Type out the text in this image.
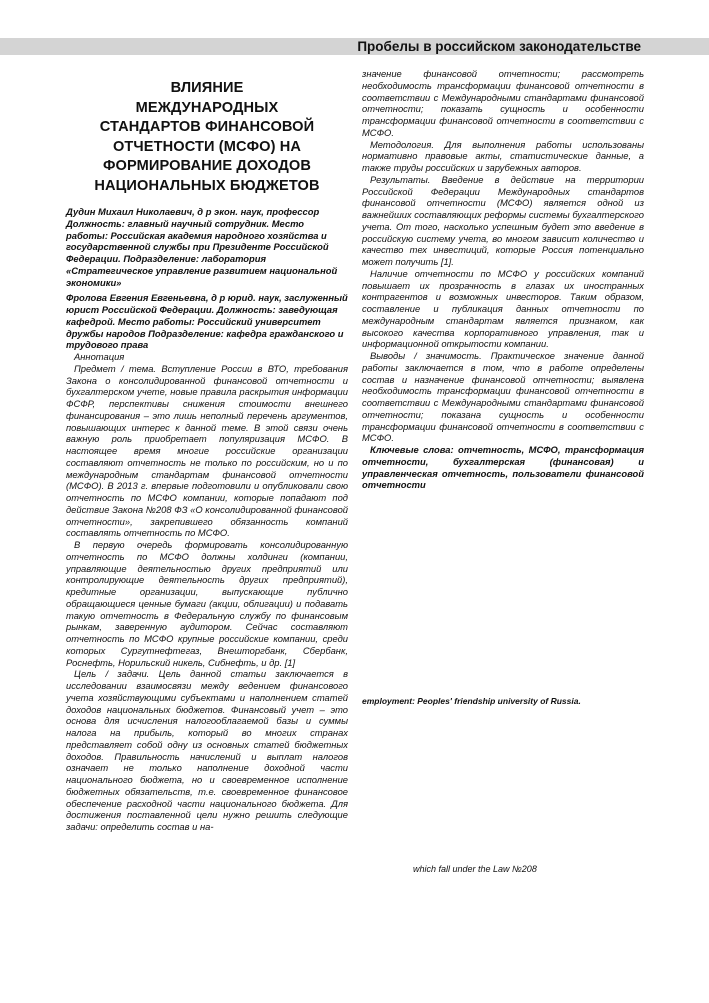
Пробелы в российском законодательстве
ВЛИЯНИЕ
МЕЖДУНАРОДНЫХ
СТАНДАРТОВ ФИНАНСОВОЙ
ОТЧЕТНОСТИ (МСФО) НА
ФОРМИРОВАНИЕ ДОХОДОВ
НАЦИОНАЛЬНЫХ БЮДЖЕТОВ

Дудин Михаил Николаевич, д р экон. наук, профессор Должность: главный научный сотрудник. Место работы: Российская академия народного хозяйства и государственной службы при Президенте Российской Федерации. Подразделение: лаборатория «Стратегическое управление развитием национальной экономики»

Фролова Евгения Евгеньевна, д р юрид. наук, заслуженный юрист Российской Федерации. Должность: заведующая кафедрой. Место работы: Российский университет дружбы народов Подразделение: кафедра гражданского и трудового права

Аннотация

Предмет / тема. Вступление России в ВТО, требования Закона о консолидированной финансовой отчетности и бухгалтерском учете, новые правила раскрытия информации ФСФР, перспективы снижения стоимости внешнего финансирования – это лишь неполный перечень аргументов, повышающих интерес к данной теме. В этой связи очень важную роль приобретает популяризация МСФО. В настоящее время многие российские организации составляют отчетность не только по российским, но и по международным стандартам финансовой отчетности (МСФО). В 2013 г. впервые подготовили и опубликовали свою отчетность по МСФО компании, которые попадают под действие Закона №208 ФЗ «О консолидированной финансовой отчетности», закрепившего обязанность компаний составлять отчетность по МСФО.

В первую очередь формировать консолидированную отчетность по МСФО должны холдинги (компании, управляющие деятельностью других предприятий или контролирующие деятельность других предприятий), кредитные организации, выпускающие публично обращающиеся ценные бумаги (акции, облигации) и подавать такую отчетность в Федеральную службу по финансовым рынкам, заверенную аудитором. Сейчас составляют отчетность по МСФО крупные российские компании, среди которых Сургутнефтегаз, Внешторгбанк, Сбербанк, Роснефть, Норильский никель, Сибнефть, и др. [1]

Цель / задачи. Цель данной статьи заключается в исследовании взаимосвязи между ведением финансового учета хозяйствующими субъектами и наполнением статей доходов национальных бюджетов. Финансовый учет – это основа для исчисления налогооблагаемой базы и суммы налога на прибыль, который во многих странах представляет собой одну из основных статей бюджетных доходов. Правильность начислений и выплат налогов означает не только наполнение доходной части национального бюджета, но и своевременное исполнение бюджетных обязательств, т.е. своевременное финансовое обеспечение расходной части национального бюджета. Для достижения поставленной цели нужно решить следующие задачи: определить состав и на-

значение финансовой отчетности; рассмотреть необходимость трансформации финансовой отчетности в соответствии с Международными стандартами финансовой отчетности; показать сущность и особенности трансформации финансовой отчетности в соответствии с МСФО.

Методология. Для выполнения работы использованы нормативно правовые акты, статистические данные, а также труды российских и зарубежных авторов.

Результаты. Введение в действие на территории Российской Федерации Международных стандартов финансовой отчетности (МСФО) является одной из важнейших составляющих реформы системы бухгалтерского учета. От того, насколько успешным будет это введение в российскую систему учета, во многом зависит количество и качество тех инвестиций, которые Россия потенциально может получить [1].

Наличие отчетности по МСФО у российских компаний повышает их прозрачность в глазах их иностранных контрагентов и возможных инвесторов. Таким образом, составление и публикация данных отчетности по международным стандартам является признаком, как высокого качества корпоративного управления, так и информационной открытости компании.

Выводы / значимость. Практическое значение данной работы заключается в том, что в работе определены состав и назначение финансовой отчетности; выявлена необходимость трансформации финансовой отчетности в соответствии с Международными стандартами финансовой отчетности; показана сущность и особенности трансформации финансовой отчетности в соответствии с МСФО.

Ключевые слова: отчетность, МСФО, трансформация отчетности, бухгалтерская (финансовая) и управленческая отчетность, пользователи финансовой отчетности

employment: Peoples' friendship university of Russia.
which fall under the Law №208
